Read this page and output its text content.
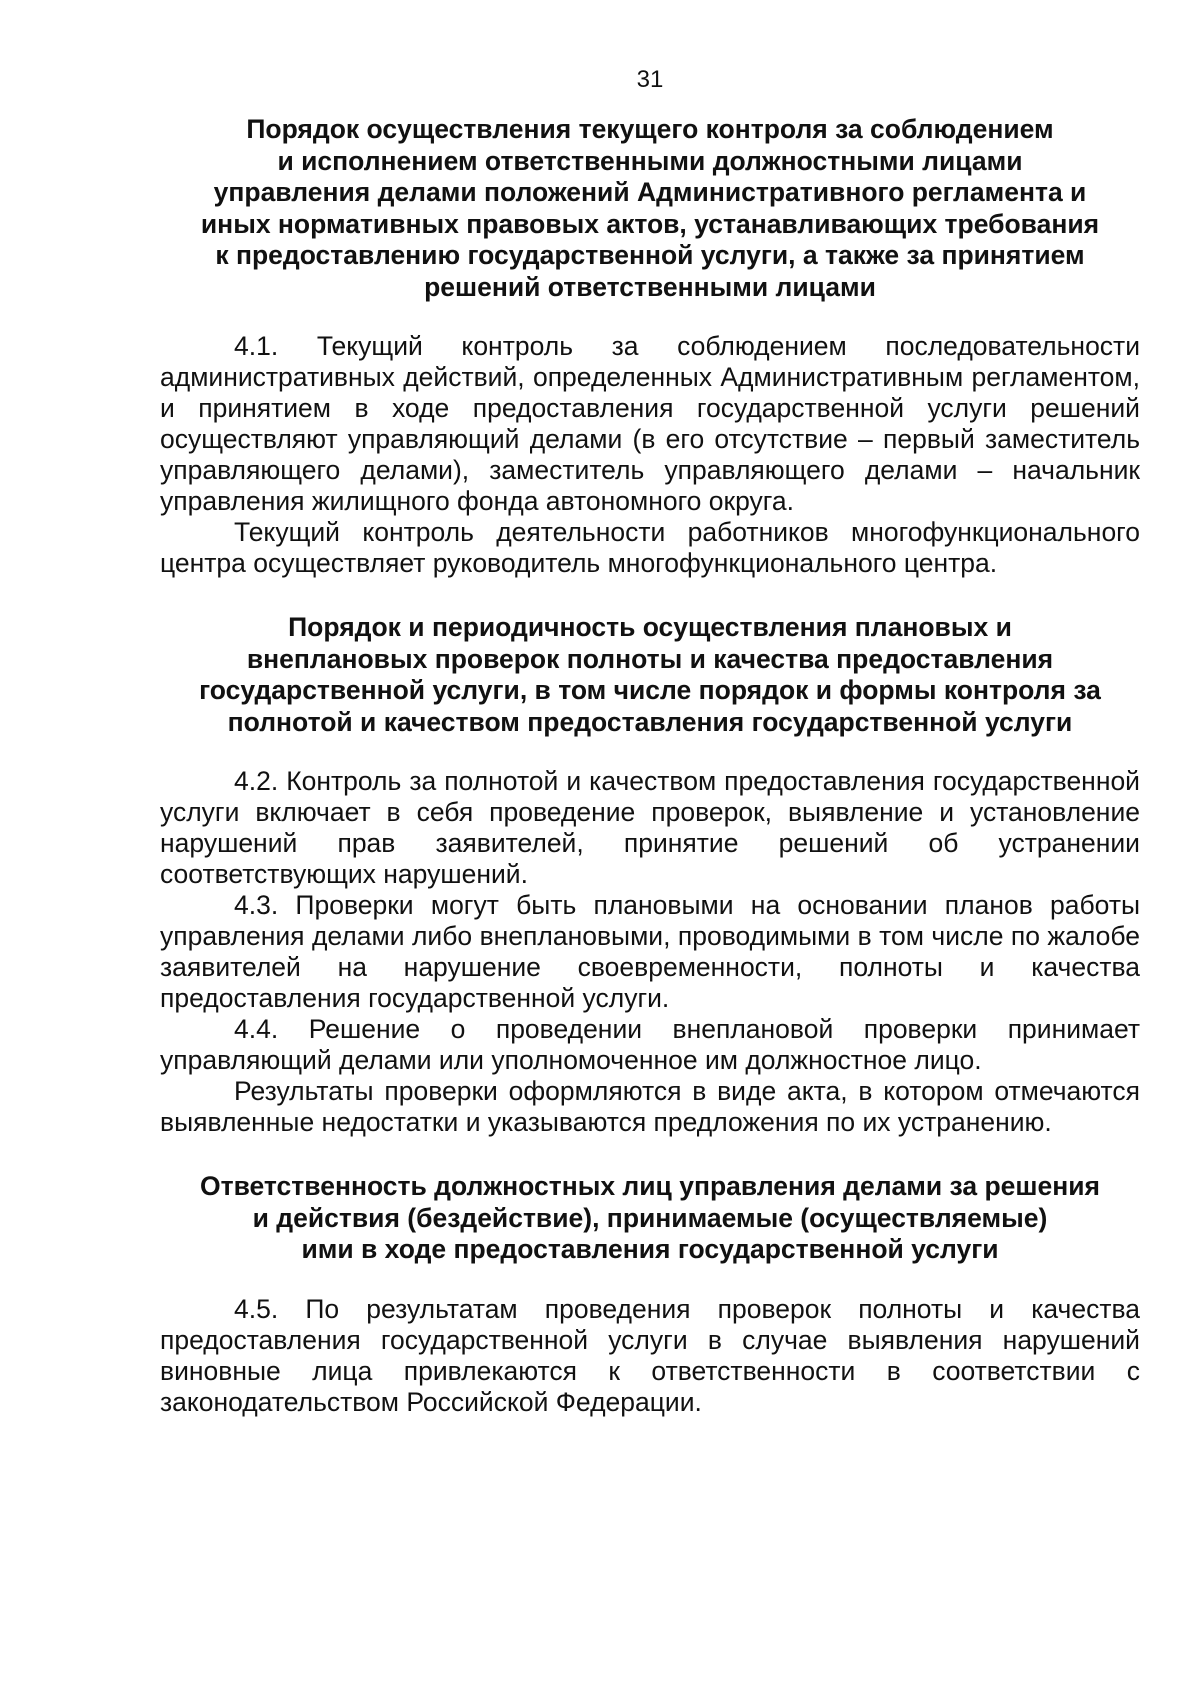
31
Порядок осуществления текущего контроля за соблюдением
и исполнением ответственными должностными лицами
управления делами положений Административного регламента и
иных нормативных правовых актов, устанавливающих требования
к предоставлению государственной услуги, а также за принятием
решений ответственными лицами

4.1. Текущий контроль за соблюдением последовательности административных действий, определенных Административным регламентом, и принятием в ходе предоставления государственной услуги решений осуществляют управляющий делами (в его отсутствие – первый заместитель управляющего делами), заместитель управляющего делами – начальник управления жилищного фонда автономного округа.

Текущий контроль деятельности работников многофункционального центра осуществляет руководитель многофункционального центра.

Порядок и периодичность осуществления плановых и
внеплановых проверок полноты и качества предоставления
государственной услуги, в том числе порядок и формы контроля за
полнотой и качеством предоставления государственной услуги

4.2. Контроль за полнотой и качеством предоставления государственной услуги включает в себя проведение проверок, выявление и установление нарушений прав заявителей, принятие решений об устранении соответствующих нарушений.

4.3. Проверки могут быть плановыми на основании планов работы управления делами либо внеплановыми, проводимыми в том числе по жалобе заявителей на нарушение своевременности, полноты и качества предоставления государственной услуги.

4.4. Решение о проведении внеплановой проверки принимает управляющий делами или уполномоченное им должностное лицо.

Результаты проверки оформляются в виде акта, в котором отмечаются выявленные недостатки и указываются предложения по их устранению.

Ответственность должностных лиц управления делами за решения
и действия (бездействие), принимаемые (осуществляемые)
ими в ходе предоставления государственной услуги

4.5. По результатам проведения проверок полноты и качества предоставления государственной услуги в случае выявления нарушений виновные лица привлекаются к ответственности в соответствии с законодательством Российской Федерации.
